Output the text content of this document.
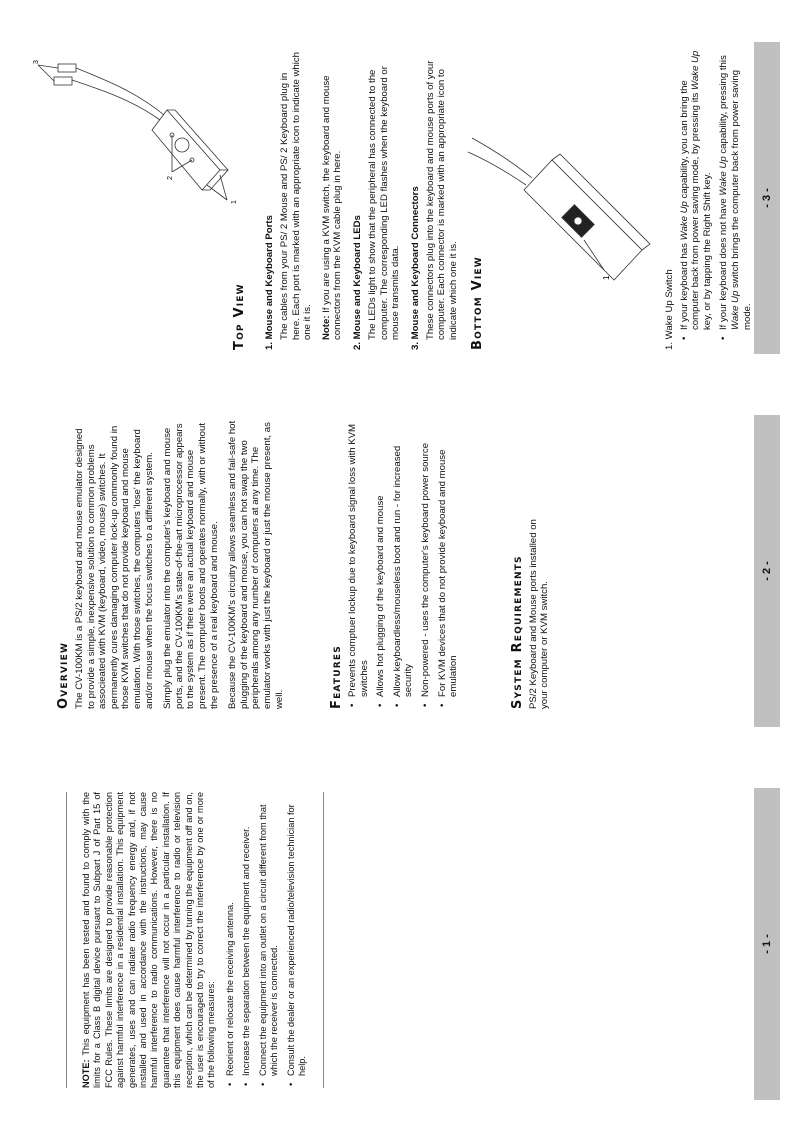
Top View
1
2
3
1. Mouse and Keyboard Ports The cables from your PS/ 2 Mouse and PS/ 2 Keyboard plug in here. Each port is marked with an appropriate icon to indicate which one it is. Note: If you are using a KVM switch, the keyboard and mouse connectors from the KVM cable plug in here. 2. Mouse and Keyboard LEDs The LEDs light to show that the peripheral has connected to the computer. The corresponding LED flashes when the keyboard or mouse transmits data. 3. Mouse and Keyboard Connectors These connectors plug into the keyboard and mouse ports of your computer. Each connector is marked with an appropriate icon to indicate which one it is. Bottom View	1	1. Wake Up Switch •If your keyboard has Wake Up capability, you can bring the computer back from power saving mode, by pressing its Wake Up key, or by tapping the Right Shift key.
•If your keyboard does not have Wake Up capability, pressing this Wake Up switch brings the computer back from power saving mode.
- 3 -
Overview The CV-100KM is a PS/2 keyboard and mouse emulator designed to provide a simple, inexpensive solution to common problems associeated with KVM (keyboard, video, mouse) switches. It permanently cures damaging computer lock-up commonly found in those KVM switches that do not provide keyboard and mouse emulation. With those switches, the computers 'lose' the keyboard and/or mouse when the focus switches to a different system. Simply plug the emulator into the computer's keyboard and mouse ports, and the CV-100KM's state-of-the-art microprocessor appears to the system as if there were an actual keyboard and mouse present. The computer boots and operates normally, with or without the presence of a real keyboard and mouse. Because the CV-100KM's circuitry allows seamless and fail-safe hot plugging of the keyboard and mouse, you can hot swap the two peripherals among any number of computers at any time. The emulator works with just the keyboard or just the mouse present, as well.	Features •Prevents comptuer lockup due to keyboard signal loss with KVM switches
•Allows hot plugging of the keyboard and mouse
•Allow keyboardless/mouseless boot and run - for increased security
•Non-powered - uses the computer's keyboard power source
•For KVM devices that do not provide keyboard and mouse emulation	System Requirements PS/2 Keyboard and Mouse ports installed on your computer or KVM switch.

- 2 -

NOTE: This equipment has been tested and found to comply with the limits for a Class B digital device pursuant to Subpart J of Part 15 of FCC Rules. These limits are designed to provide reasonable protection against harmful interference in a residential installation. This equipment generates, uses and can radiate radio frequency energy and, if not installed and used in accordance with the instructions, may cause harmful interference to radio communications. However, there is no guarantee that interference will not occur in a particular installation. If this equipment does cause harmful interference to radio or television reception, which can be determined by turning the equipment off and on, the user is encouraged to try to correct the interference by one or more of the following measures: •Reorient or relocate the receiving antenna.
•Increase the separation between the equipment and receiver.
•Connect the equipment into an outlet on a circuit different from that which the receiver is connected.
•Consult the dealer or an experienced radio/television technician for help.
- 1 -
